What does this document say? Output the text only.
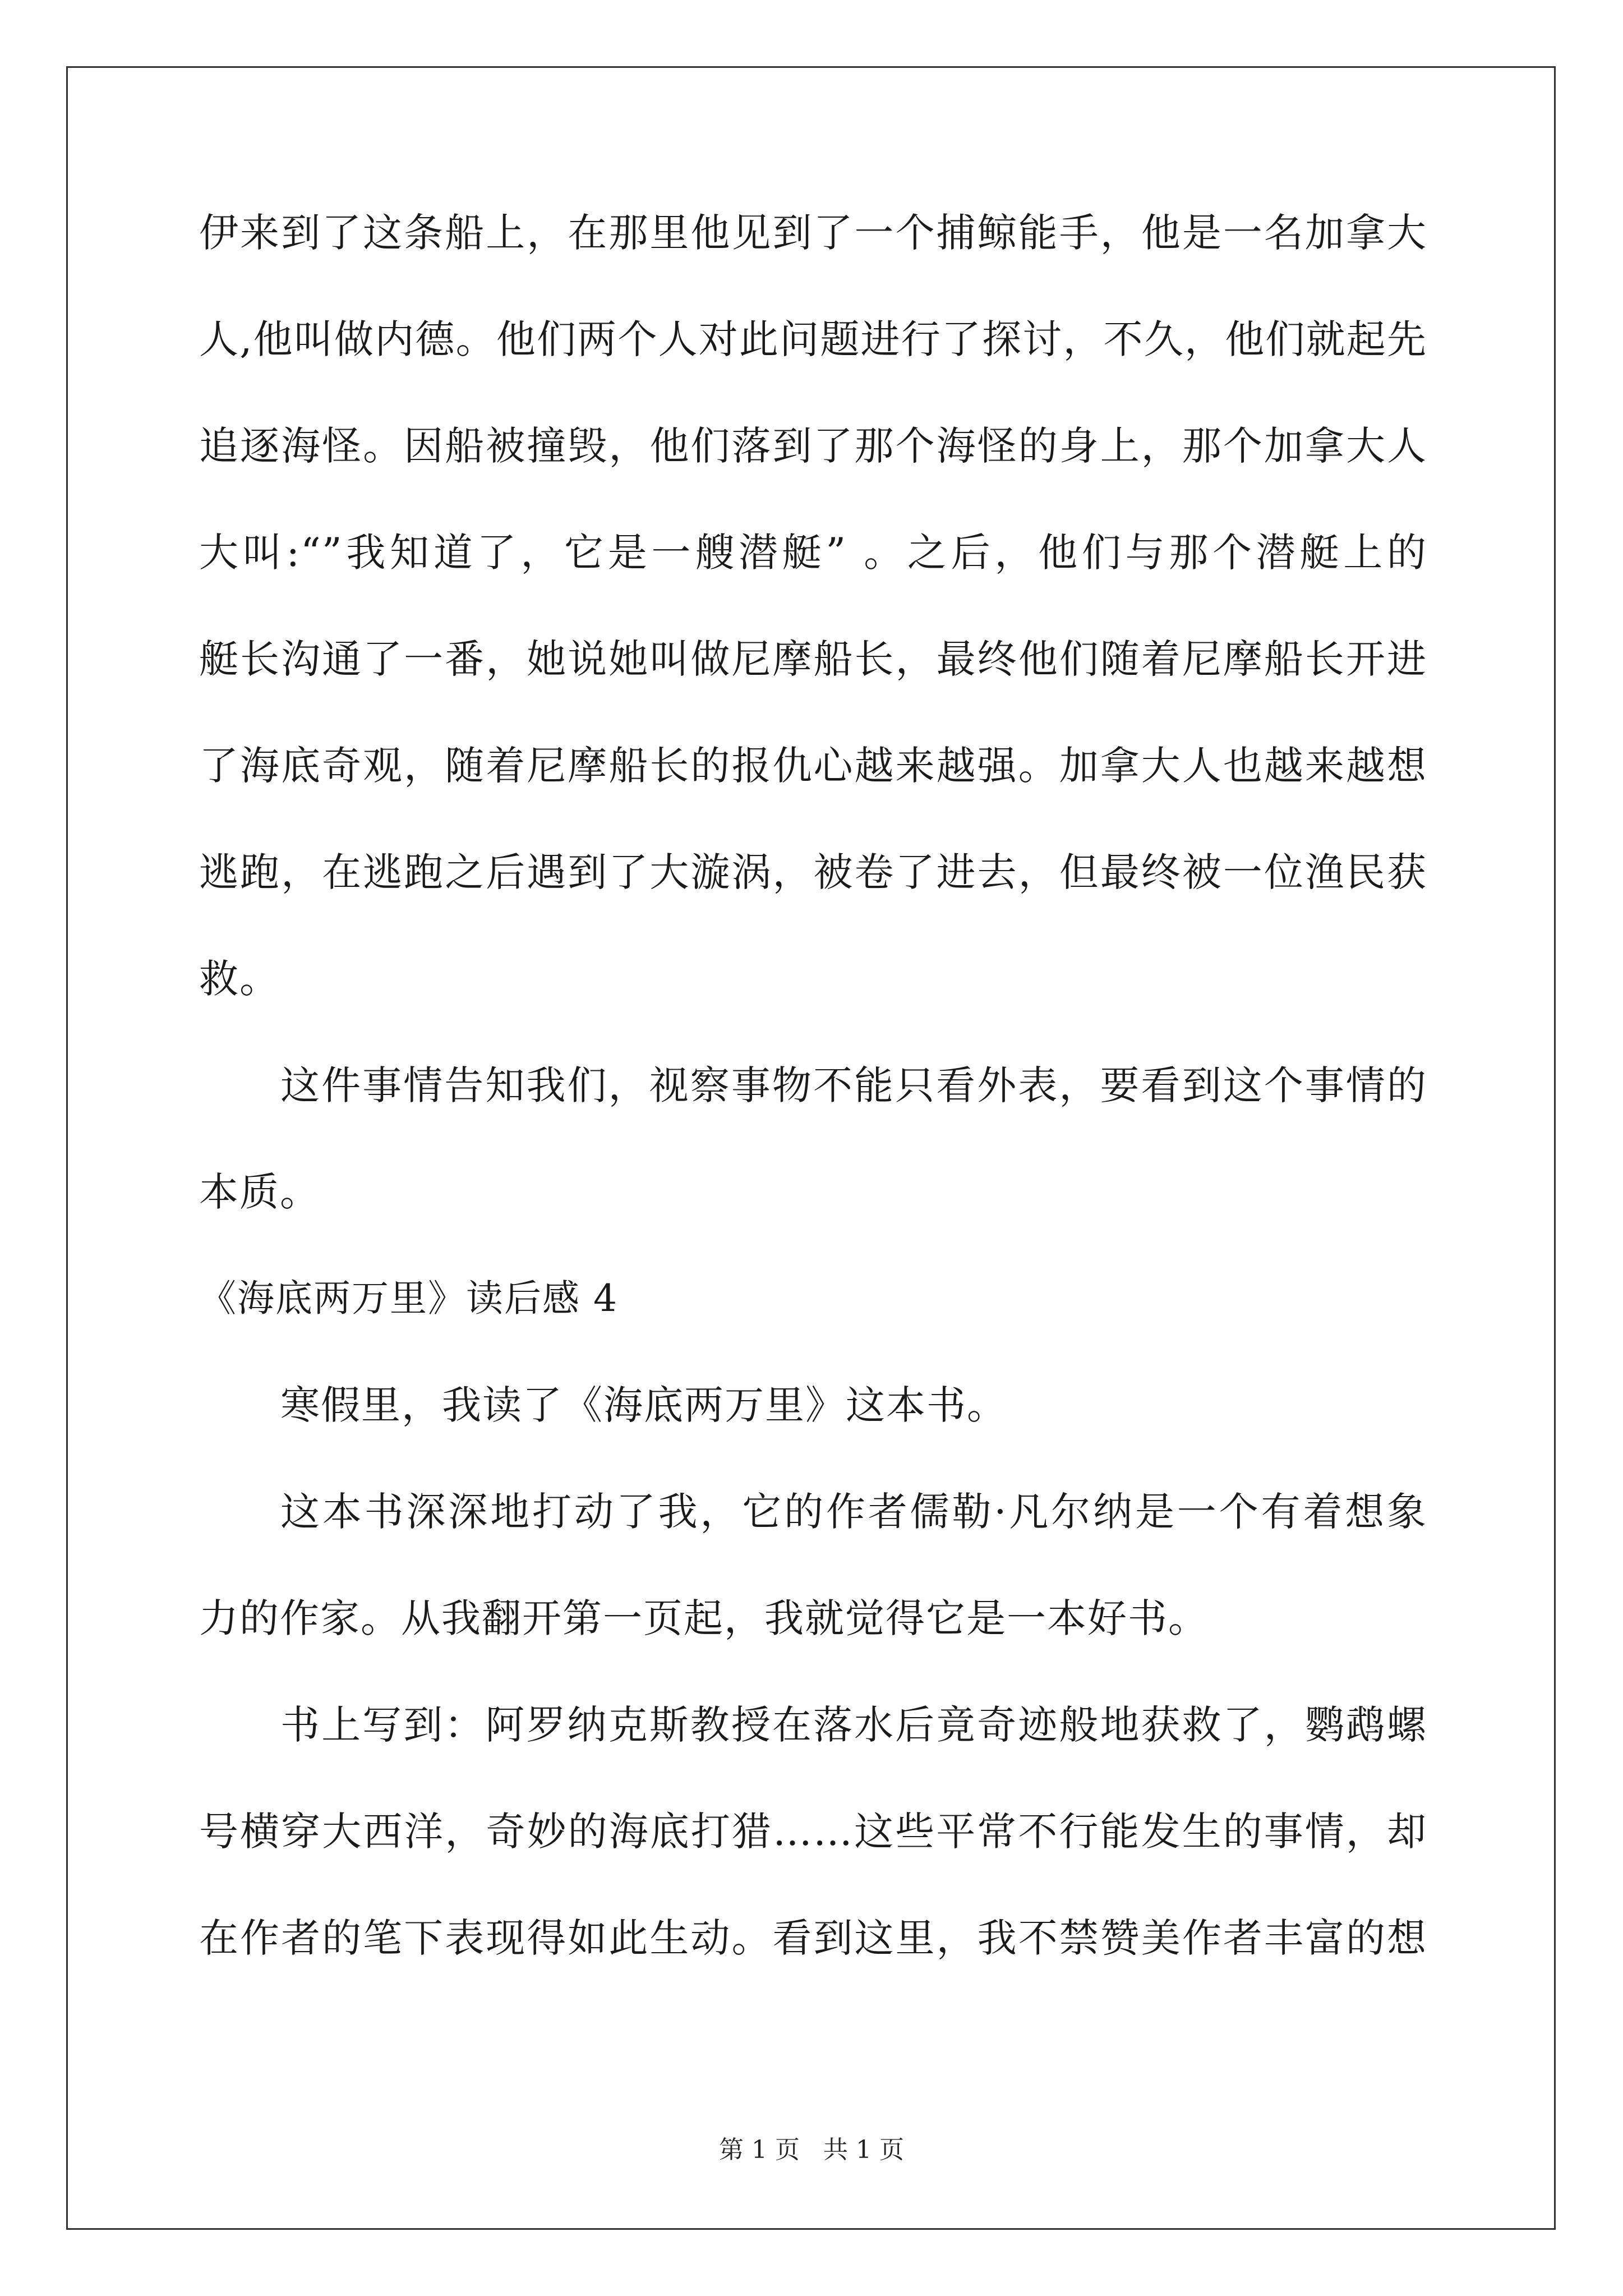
伊来到了这条船上，在那里他见到了一个捕鲸能手，他是一名加拿大
人,他叫做内德。他们两个人对此问题进行了探讨，不久，他们就起先
追逐海怪。因船被撞毁，他们落到了那个海怪的身上，那个加拿大人
大叫:“”我知道了，它是一艘潜艇” 。之后，他们与那个潜艇上的
艇长沟通了一番，她说她叫做尼摩船长，最终他们随着尼摩船长开进
了海底奇观，随着尼摩船长的报仇心越来越强。加拿大人也越来越想
逃跑，在逃跑之后遇到了大漩涡，被卷了进去，但最终被一位渔民获
救。
这件事情告知我们，视察事物不能只看外表，要看到这个事情的
本质。
《海底两万里》读后感 4
寒假里，我读了《海底两万里》这本书。
这本书深深地打动了我，它的作者儒勒·凡尔纳是一个有着想象
力的作家。从我翻开第一页起，我就觉得它是一本好书。
书上写到：阿罗纳克斯教授在落水后竟奇迹般地获救了，鹦鹉螺
号横穿大西洋，奇妙的海底打猎……这些平常不行能发生的事情，却
在作者的笔下表现得如此生动。看到这里，我不禁赞美作者丰富的想
第 1 页 共 1 页
